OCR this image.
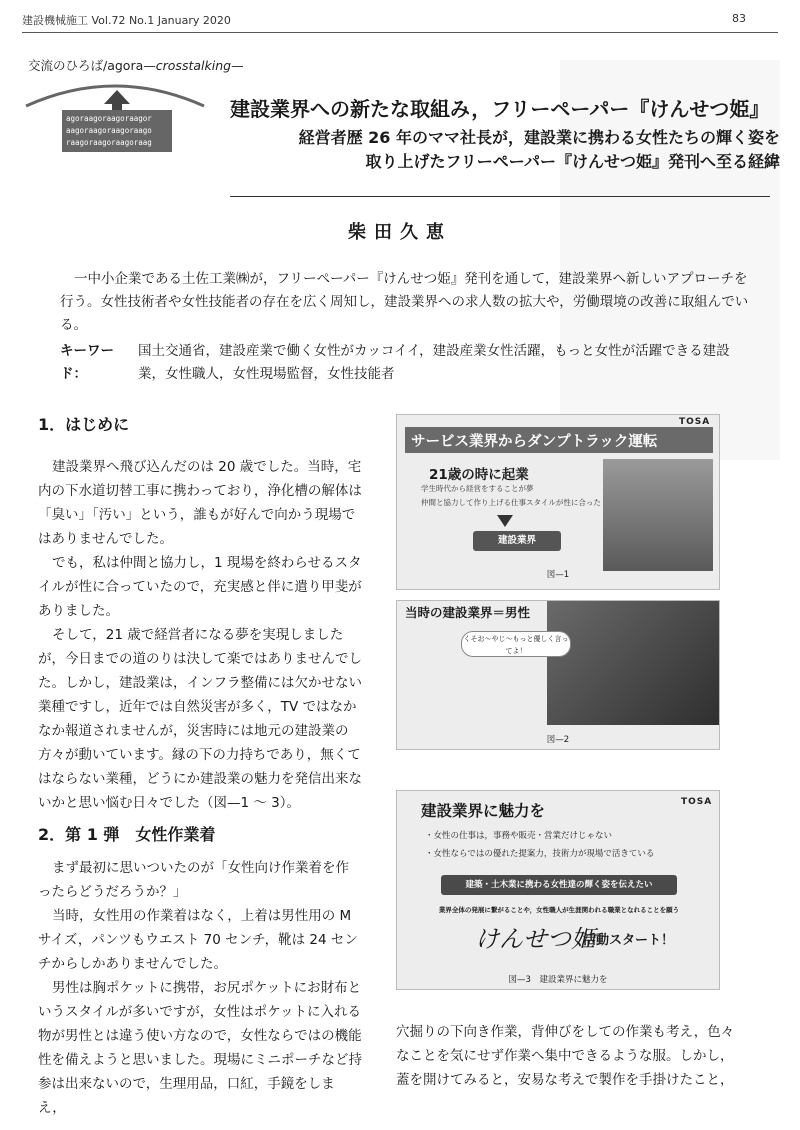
建設機械施工 Vol.72 No.1 January 2020	83
交流のひろば/agora—crosstalking—
agoraagoraagoraagor
aagoraagoraagoraago
raagoraagoraagoraag
建設業界への新たな取組み，フリーペーパー『けんせつ姫』
経営者歴 26 年のママ社長が，建設業に携わる女性たちの輝く姿を
取り上げたフリーペーパー『けんせつ姫』発刊へ至る経緯
柴田久恵
一中小企業である土佐工業㈱が，フリーペーパー『けんせつ姫』発刊を通して，建設業界へ新しいアプローチを行う。女性技術者や女性技能者の存在を広く周知し，建設業界への求人数の拡大や，労働環境の改善に取組んでいる。
キーワード：国土交通省，建設産業で働く女性がカッコイイ，建設産業女性活躍，もっと女性が活躍できる建設業，女性職人，女性現場監督，女性技能者
1．はじめに

建設業界へ飛び込んだのは 20 歳でした。当時，宅内の下水道切替工事に携わっており，浄化槽の解体は「臭い」「汚い」という，誰もが好んで向かう現場ではありませんでした。

でも，私は仲間と協力し，1 現場を終わらせるスタイルが性に合っていたので，充実感と伴に遣り甲斐がありました。

そして，21 歳で経営者になる夢を実現しましたが，今日までの道のりは決して楽ではありませんでした。しかし，建設業は，インフラ整備には欠かせない業種ですし，近年では自然災害が多く，TV ではなかなか報道されませんが，災害時には地元の建設業の方々が動いています。縁の下の力持ちであり，無くてはならない業種，どうにか建設業の魅力を発信出来ないかと思い悩む日々でした（図—1 ～ 3）。

2．第 1 弾　女性作業着

まず最初に思いついたのが「女性向け作業着を作ったらどうだろうか？」

当時，女性用の作業着はなく，上着は男性用の M サイズ，パンツもウエスト 70 センチ，靴は 24 センチからしかありませんでした。

男性は胸ポケットに携帯，お尻ポケットにお財布というスタイルが多いですが，女性はポケットに入れる物が男性とは違う使い方なので，女性ならではの機能性を備えようと思いました。現場にミニポーチなど持参は出来ないので，生理用品，口紅，手鏡をしまえ，

TOSA
サービス業界からダンプトラック運転
21歳の時に起業
学生時代から経営をすることが夢
仲間と協力して作り上げる仕事スタイルが性に合った
建設業界
図—1
当時の建設業界＝男性
くそお〜やじ〜もっと優しく言ってよ！
図—2
建設業界に魅力を	TOSA
・女性の仕事は，事務や販売・営業だけじゃない
・女性ならではの優れた提案力，技術力が現場で活きている
建築・土木業に携わる女性達の輝く姿を伝えたい
業界全体の発展に繋がることや，女性職人が生涯関われる職業となれることを願う
けんせつ姫
活動スタート！
図—3　建設業界に魅力を

穴掘りの下向き作業，背伸びをしての作業も考え，色々なことを気にせず作業へ集中できるような服。しかし，蓋を開けてみると，安易な考えで製作を手掛けたこと，
